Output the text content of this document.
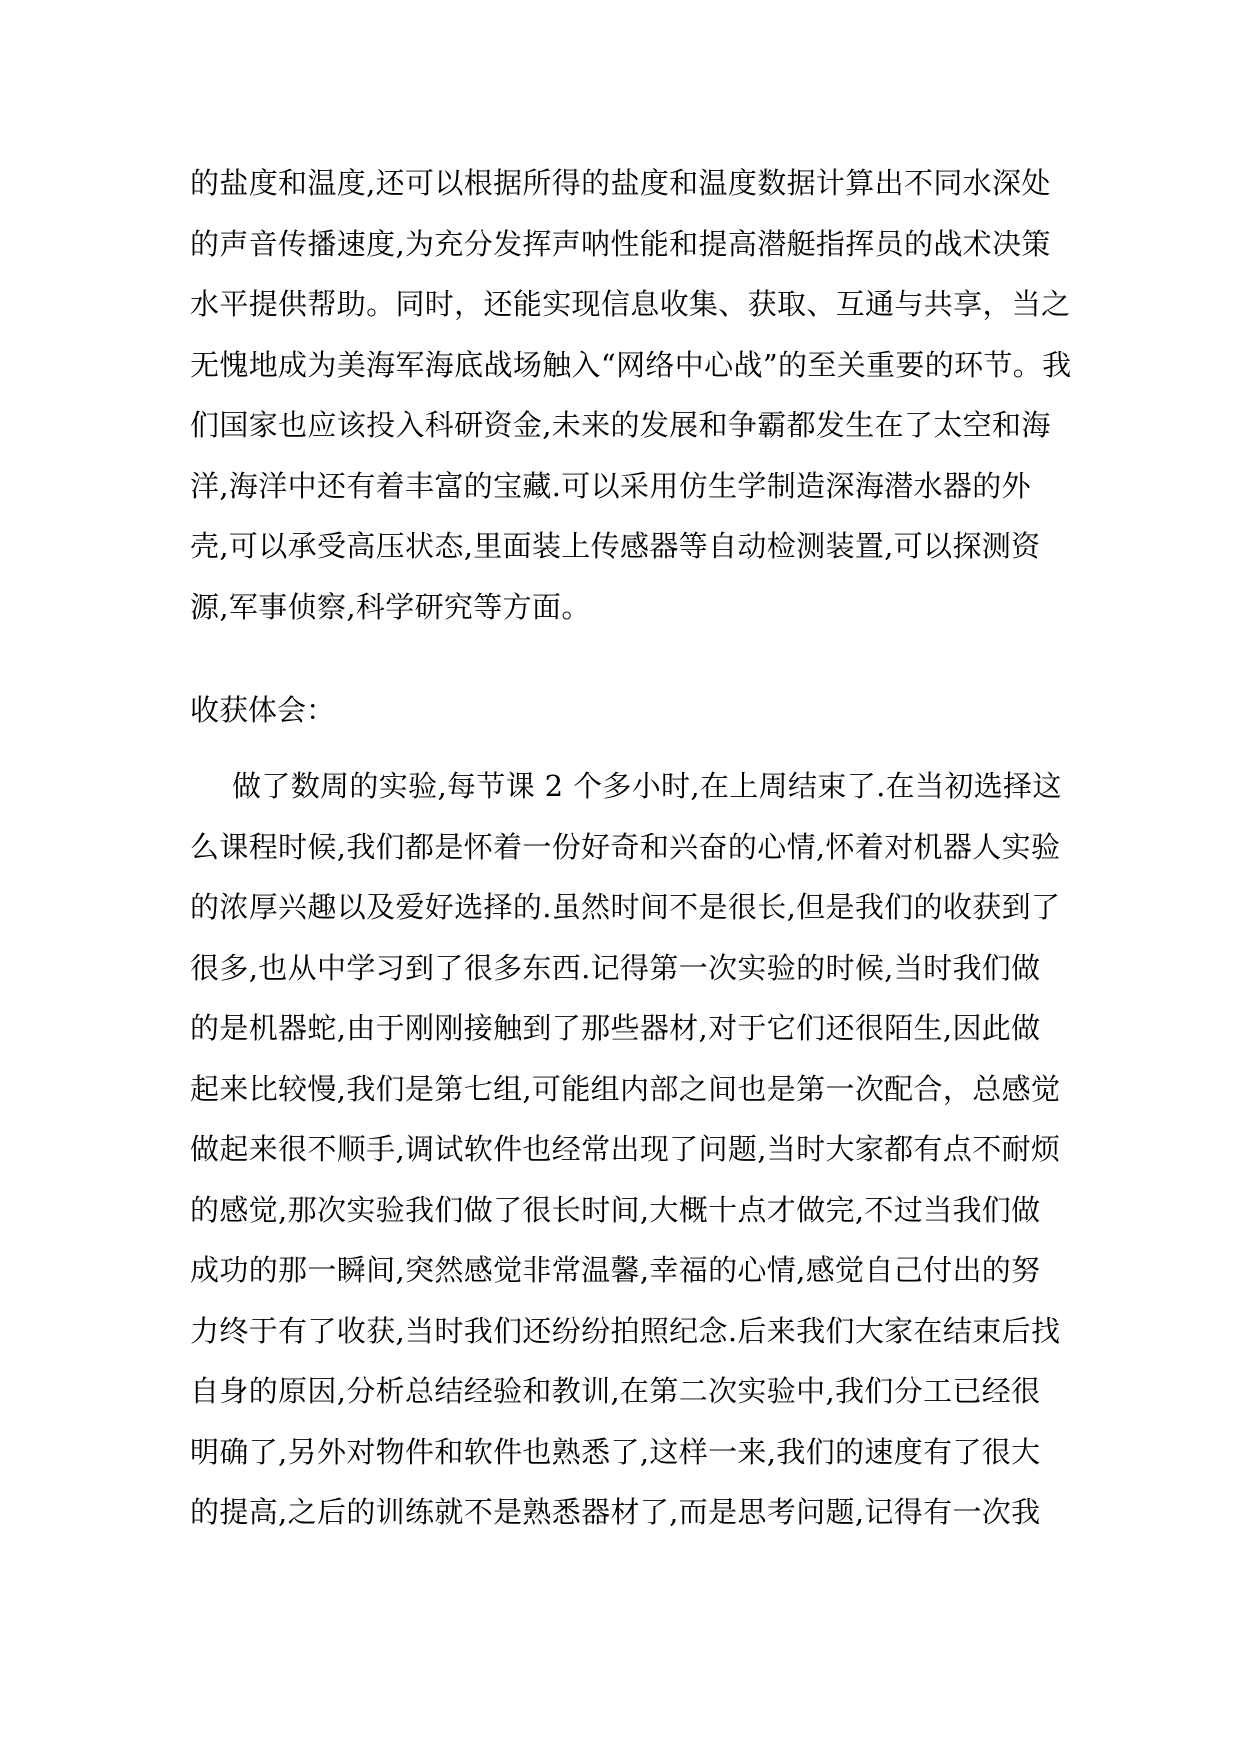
的盐度和温度,还可以根据所得的盐度和温度数据计算出不同水深处
的声音传播速度,为充分发挥声呐性能和提高潜艇指挥员的战术决策
水平提供帮助。同时，还能实现信息收集、获取、互通与共享，当之
无愧地成为美海军海底战场触入“网络中心战”的至关重要的环节。我
们国家也应该投入科研资金,未来的发展和争霸都发生在了太空和海
洋,海洋中还有着丰富的宝藏.可以采用仿生学制造深海潜水器的外
壳,可以承受高压状态,里面装上传感器等自动检测装置,可以探测资
源,军事侦察,科学研究等方面。
收获体会：
做了数周的实验,每节课 2 个多小时,在上周结束了.在当初选择这
么课程时候,我们都是怀着一份好奇和兴奋的心情,怀着对机器人实验
的浓厚兴趣以及爱好选择的.虽然时间不是很长,但是我们的收获到了
很多,也从中学习到了很多东西.记得第一次实验的时候,当时我们做
的是机器蛇,由于刚刚接触到了那些器材,对于它们还很陌生,因此做
起来比较慢,我们是第七组,可能组内部之间也是第一次配合，总感觉
做起来很不顺手,调试软件也经常出现了问题,当时大家都有点不耐烦
的感觉,那次实验我们做了很长时间,大概十点才做完,不过当我们做
成功的那一瞬间,突然感觉非常温馨,幸福的心情,感觉自己付出的努
力终于有了收获,当时我们还纷纷拍照纪念.后来我们大家在结束后找
自身的原因,分析总结经验和教训,在第二次实验中,我们分工已经很
明确了,另外对物件和软件也熟悉了,这样一来,我们的速度有了很大
的提高,之后的训练就不是熟悉器材了,而是思考问题,记得有一次我
